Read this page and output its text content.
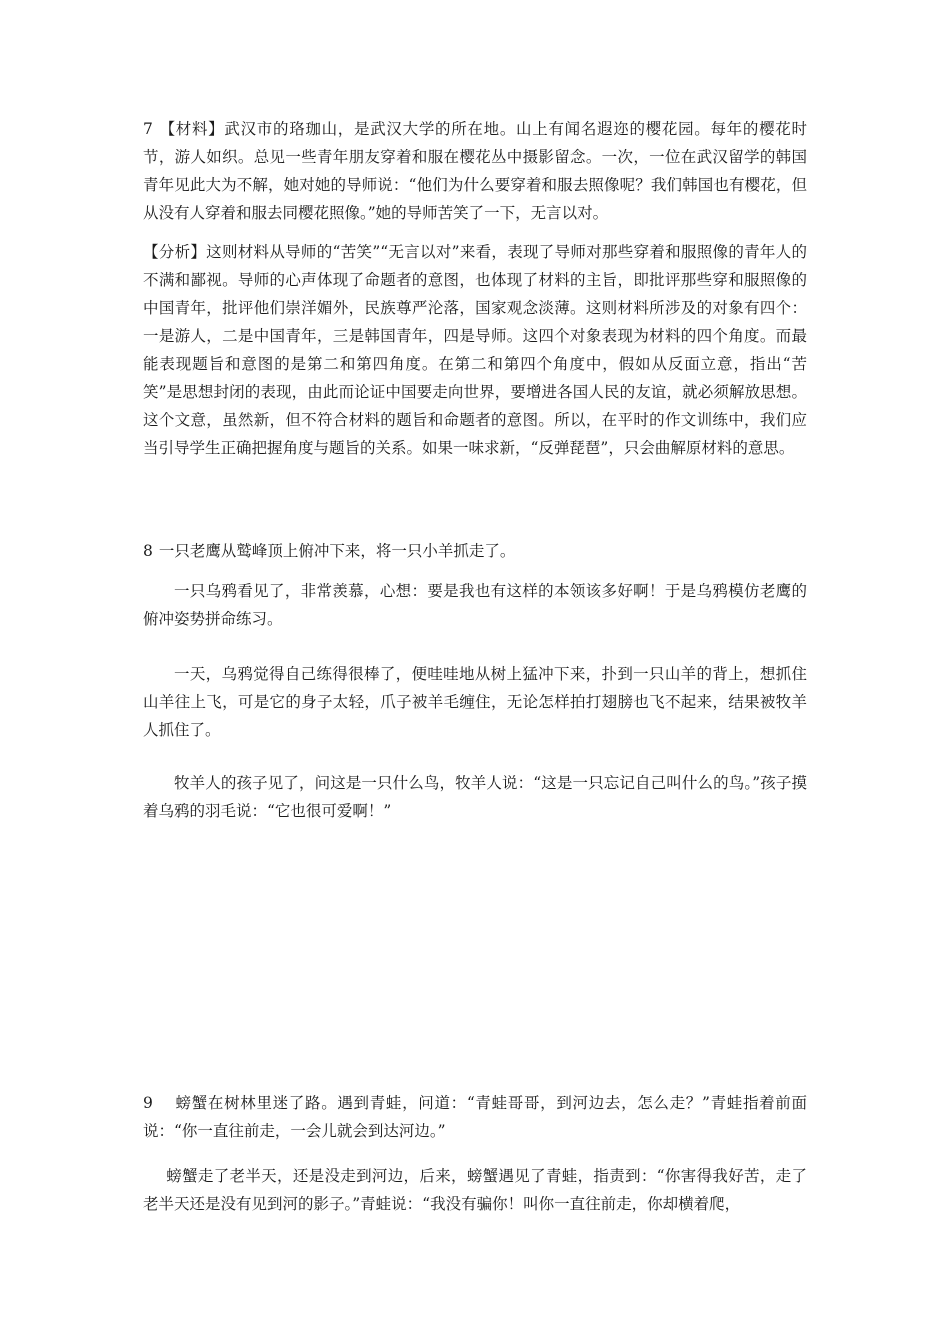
7 【材料】武汉市的珞珈山，是武汉大学的所在地。山上有闻名遐迩的樱花园。每年的樱花时节，游人如织。总见一些青年朋友穿着和服在樱花丛中摄影留念。一次，一位在武汉留学的韩国青年见此大为不解，她对她的导师说：“他们为什么要穿着和服去照像呢？我们韩国也有樱花，但从没有人穿着和服去同樱花照像。”她的导师苦笑了一下，无言以对。

【分析】这则材料从导师的“苦笑”“无言以对”来看，表现了导师对那些穿着和服照像的青年人的不满和鄙视。导师的心声体现了命题者的意图，也体现了材料的主旨，即批评那些穿和服照像的中国青年，批评他们崇洋媚外，民族尊严沦落，国家观念淡薄。这则材料所涉及的对象有四个：一是游人，二是中国青年，三是韩国青年，四是导师。这四个对象表现为材料的四个角度。而最能表现题旨和意图的是第二和第四角度。在第二和第四个角度中，假如从反面立意，指出“苦笑”是思想封闭的表现，由此而论证中国要走向世界，要增进各国人民的友谊，就必须解放思想。这个文意，虽然新，但不符合材料的题旨和命题者的意图。所以，在平时的作文训练中，我们应当引导学生正确把握角度与题旨的关系。如果一味求新，“反弹琵琶”，只会曲解原材料的意思。

8 一只老鹰从鹫峰顶上俯冲下来，将一只小羊抓走了。

一只乌鸦看见了，非常羡慕，心想：要是我也有这样的本领该多好啊！于是乌鸦模仿老鹰的俯冲姿势拼命练习。

一天，乌鸦觉得自己练得很棒了，便哇哇地从树上猛冲下来，扑到一只山羊的背上，想抓住山羊往上飞，可是它的身子太轻，爪子被羊毛缠住，无论怎样拍打翅膀也飞不起来，结果被牧羊人抓住了。

牧羊人的孩子见了，问这是一只什么鸟，牧羊人说：“这是一只忘记自己叫什么的鸟。”孩子摸着乌鸦的羽毛说：“它也很可爱啊！”

9 螃蟹在树林里迷了路。遇到青蛙，问道：“青蛙哥哥，到河边去，怎么走？”青蛙指着前面说：“你一直往前走，一会儿就会到达河边。”

螃蟹走了老半天，还是没走到河边，后来，螃蟹遇见了青蛙，指责到：“你害得我好苦，走了老半天还是没有见到河的影子。”青蛙说：“我没有骗你！叫你一直往前走，你却横着爬，
